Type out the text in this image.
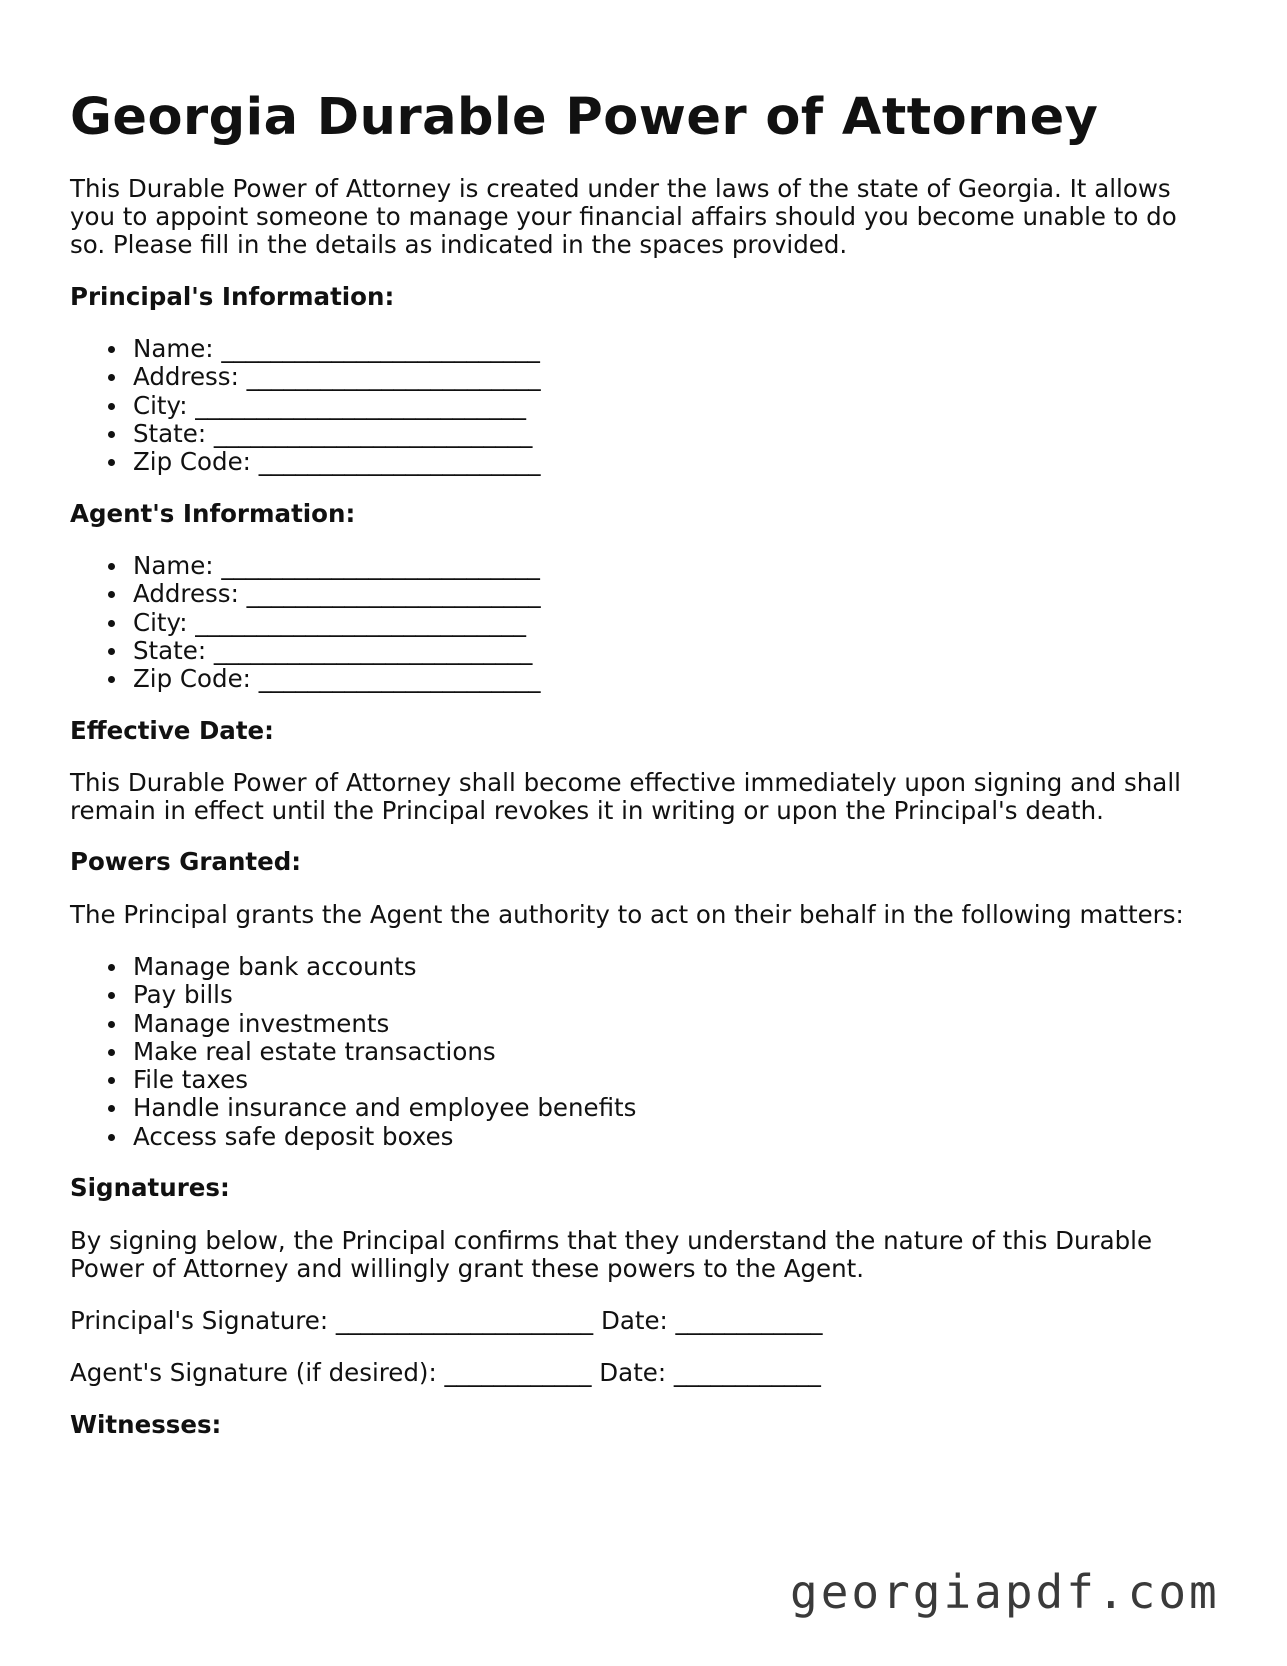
Georgia Durable Power of Attorney

This Durable Power of Attorney is created under the laws of the state of Georgia. It allows

you to appoint someone to manage your financial affairs should you become unable to do

so. Please fill in the details as indicated in the spaces provided.

Principal's Information:

Name: __________________________
Address: ________________________
City: ___________________________
State: __________________________
Zip Code: _______________________

Agent's Information:

Name: __________________________
Address: ________________________
City: ___________________________
State: __________________________
Zip Code: _______________________

Effective Date:

This Durable Power of Attorney shall become effective immediately upon signing and shall

remain in effect until the Principal revokes it in writing or upon the Principal's death.

Powers Granted:

The Principal grants the Agent the authority to act on their behalf in the following matters:

Manage bank accounts
Pay bills
Manage investments
Make real estate transactions
File taxes
Handle insurance and employee benefits
Access safe deposit boxes

Signatures:

By signing below, the Principal confirms that they understand the nature of this Durable

Power of Attorney and willingly grant these powers to the Agent.

Principal's Signature: _____________________ Date: ____________

Agent's Signature (if desired): ____________ Date: ____________

Witnesses:

georgiapdf.com
